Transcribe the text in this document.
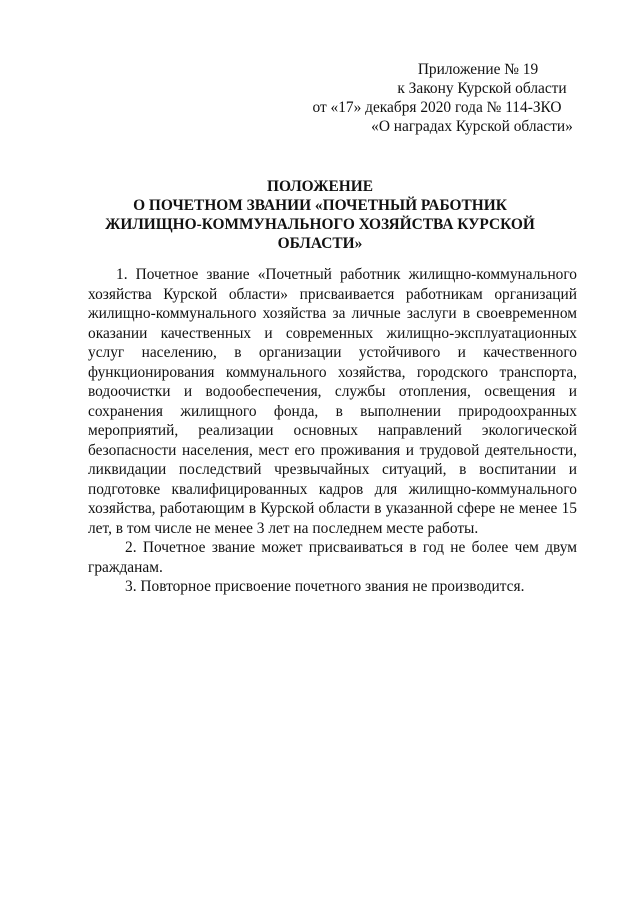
Приложение № 19
к Закону Курской области
от «17» декабря 2020 года № 114-ЗКО
«О наградах Курской области»
ПОЛОЖЕНИЕ
О ПОЧЕТНОМ ЗВАНИИ «ПОЧЕТНЫЙ РАБОТНИК
ЖИЛИЩНО-КОММУНАЛЬНОГО ХОЗЯЙСТВА КУРСКОЙ
ОБЛАСТИ»

1. Почетное звание «Почетный работник жилищно-коммунального хозяйства Курской области» присваивается работникам организаций жилищно-коммунального хозяйства за личные заслуги в своевременном оказании качественных и современных жилищно-эксплуатационных услуг населению, в организации устойчивого и качественного функционирования коммунального хозяйства, городского транспорта, водоочистки и водообеспечения, службы отопления, освещения и сохранения жилищного фонда, в выполнении природоохранных мероприятий, реализации основных направлений экологической безопасности населения, мест его проживания и трудовой деятельности, ликвидации последствий чрезвычайных ситуаций, в воспитании и подготовке квалифицированных кадров для жилищно-коммунального хозяйства, работающим в Курской области в указанной сфере не менее 15 лет, в том числе не менее 3 лет на последнем месте работы.

2. Почетное звание может присваиваться в год не более чем двум гражданам.

3. Повторное присвоение почетного звания не производится.
